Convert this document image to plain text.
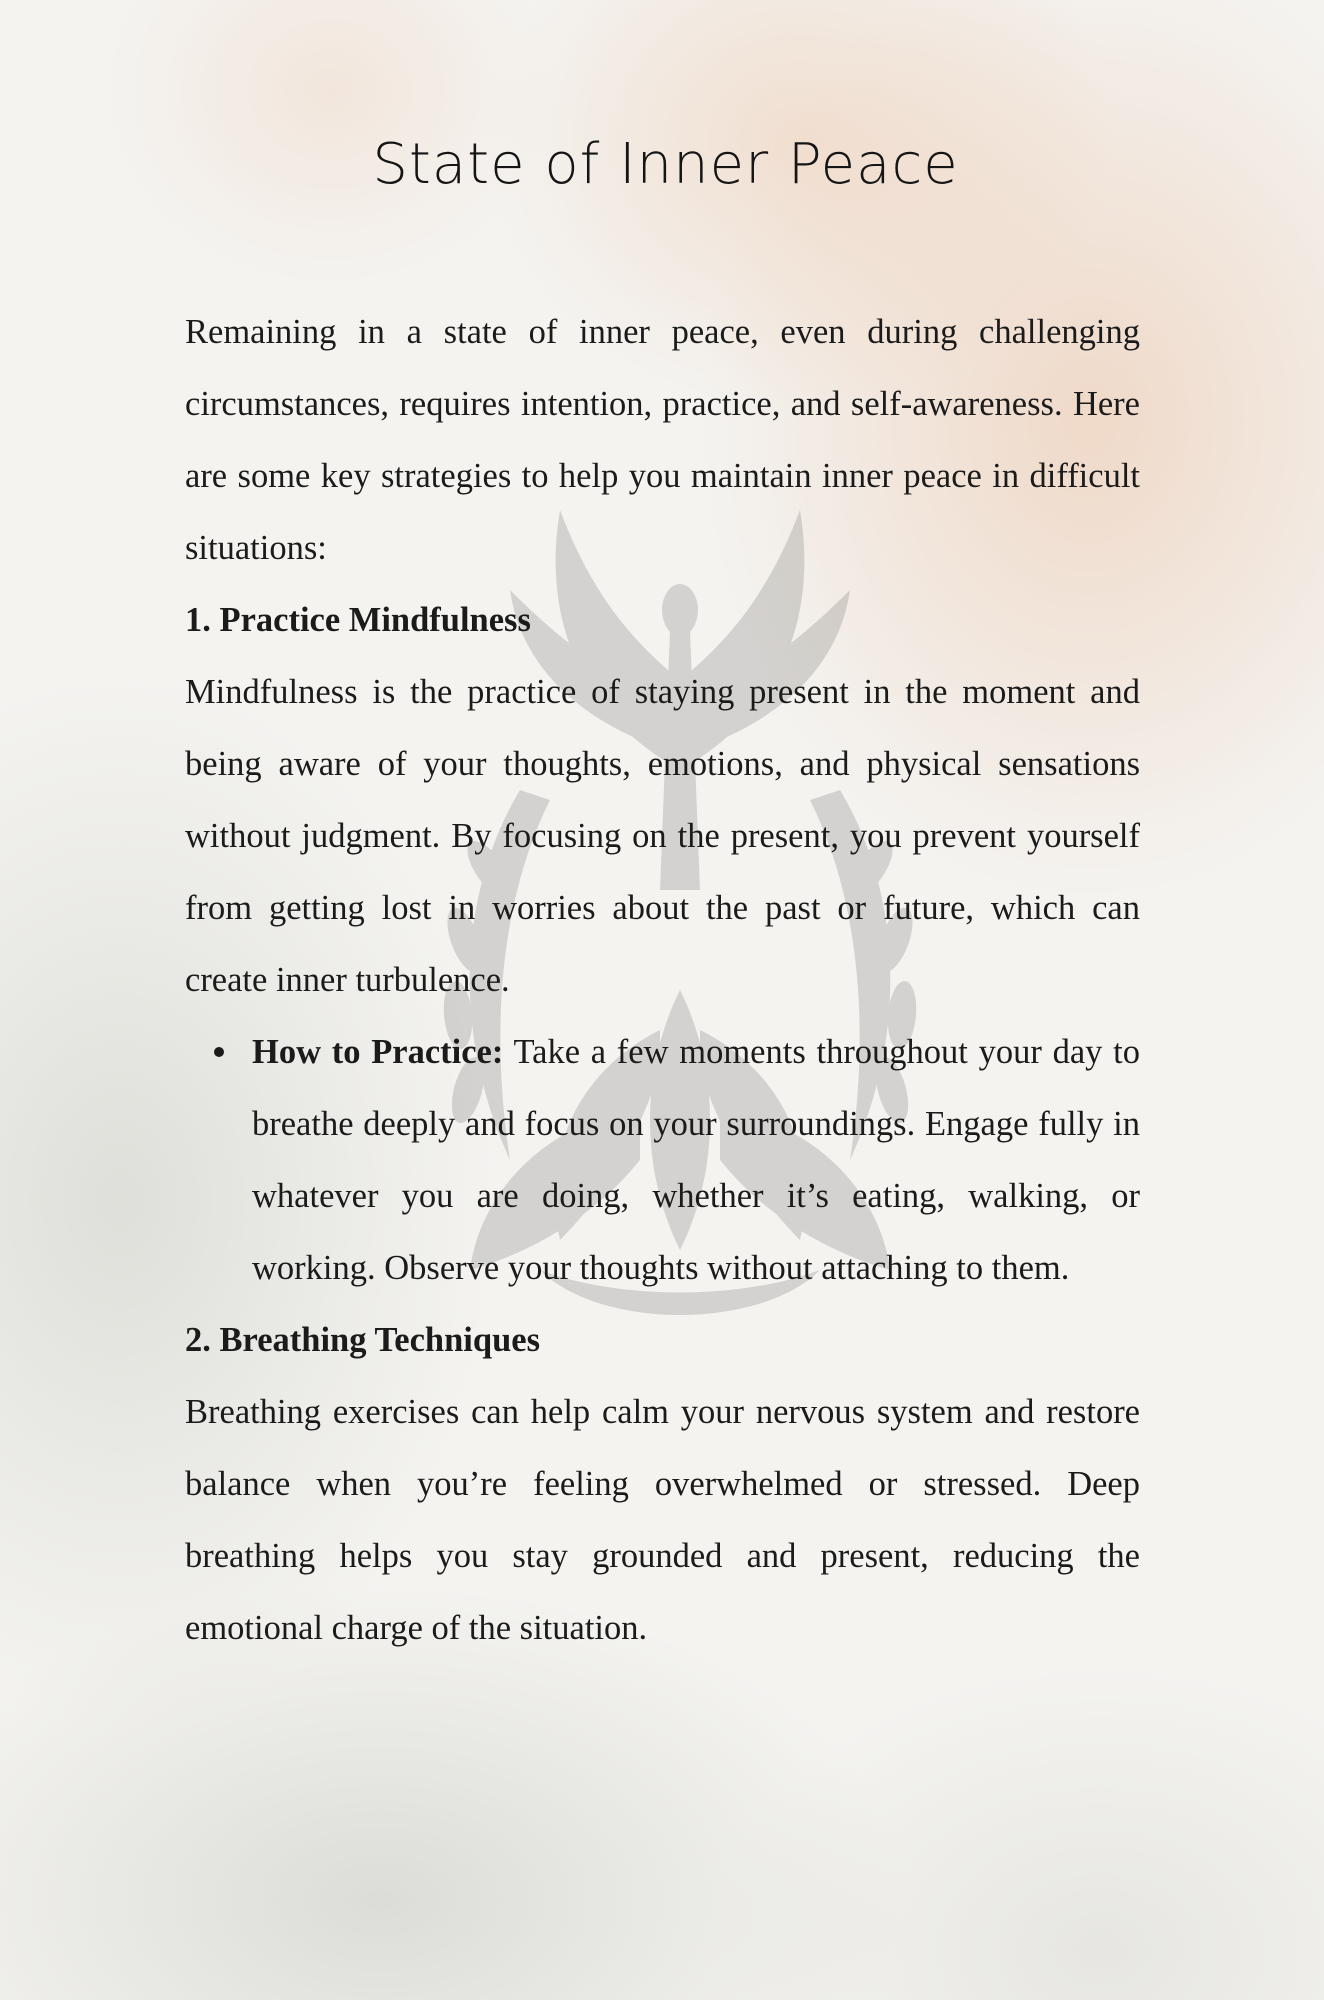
State of Inner Peace

Remaining in a state of inner peace, even during challenging circumstances, requires intention, practice, and self-awareness. Here are some key strategies to help you maintain inner peace in difficult situations:

1. Practice Mindfulness

Mindfulness is the practice of staying present in the moment and being aware of your thoughts, emotions, and physical sensations without judgment. By focusing on the present, you prevent yourself from getting lost in worries about the past or future, which can create inner turbulence.

How to Practice: Take a few moments throughout your day to breathe deeply and focus on your surroundings. Engage fully in whatever you are doing, whether it’s eating, walking, or working. Observe your thoughts without attaching to them.
2. Breathing Techniques

Breathing exercises can help calm your nervous system and restore balance when you’re feeling overwhelmed or stressed. Deep breathing helps you stay grounded and present, reducing the emotional charge of the situation.
